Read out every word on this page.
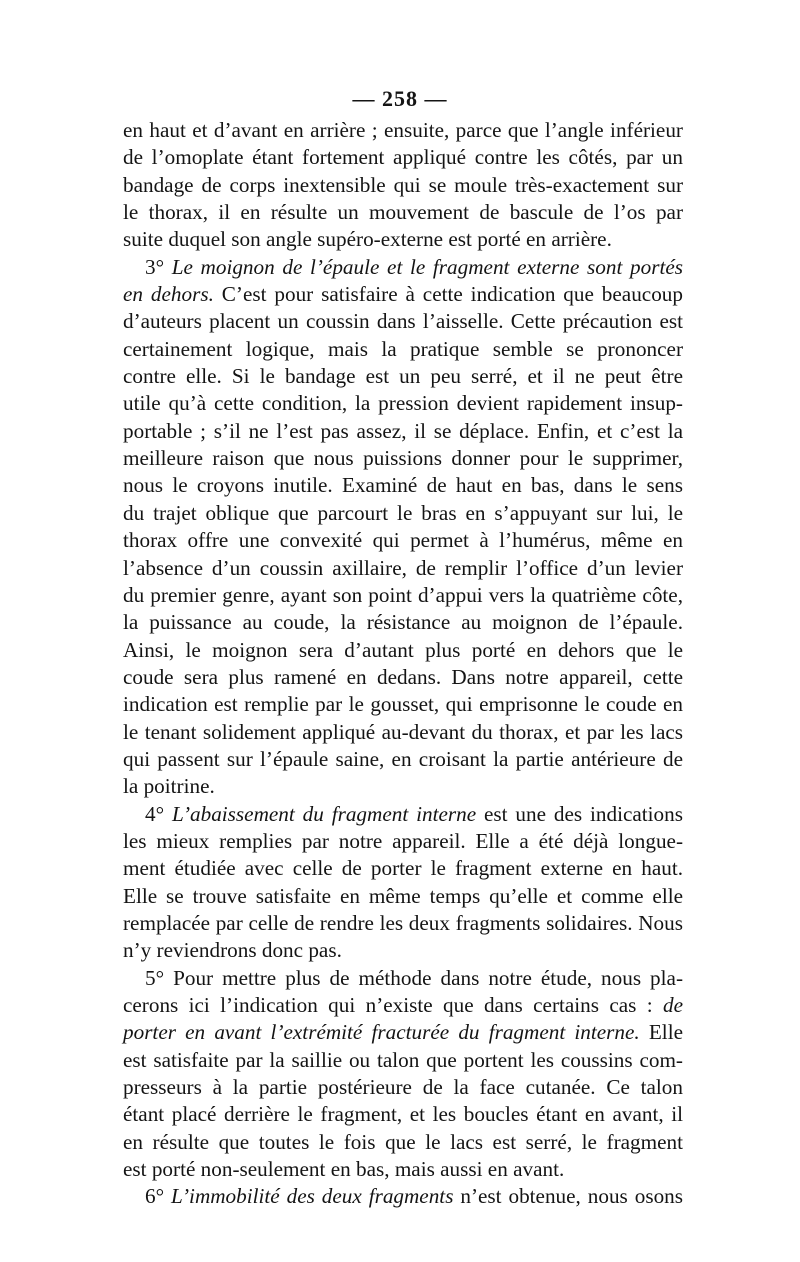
— 258 —
en haut et d’avant en arrière ; ensuite, parce que l’angle inférieur
de l’omoplate étant fortement appliqué contre les côtés, par un
bandage de corps inextensible qui se moule très-exactement sur
le thorax, il en résulte un mouvement de bascule de l’os par
suite duquel son angle supéro-externe est porté en arrière.
3° Le moignon de l’épaule et le fragment externe sont portés
en dehors. C’est pour satisfaire à cette indication que beaucoup
d’auteurs placent un coussin dans l’aisselle. Cette précaution est
certainement logique, mais la pratique semble se prononcer
contre elle. Si le bandage est un peu serré, et il ne peut être
utile qu’à cette condition, la pression devient rapidement insup-
portable ; s’il ne l’est pas assez, il se déplace. Enfin, et c’est la
meilleure raison que nous puissions donner pour le supprimer,
nous le croyons inutile. Examiné de haut en bas, dans le sens
du trajet oblique que parcourt le bras en s’appuyant sur lui, le
thorax offre une convexité qui permet à l’humérus, même en
l’absence d’un coussin axillaire, de remplir l’office d’un levier
du premier genre, ayant son point d’appui vers la quatrième côte,
la puissance au coude, la résistance au moignon de l’épaule.
Ainsi, le moignon sera d’autant plus porté en dehors que le
coude sera plus ramené en dedans. Dans notre appareil, cette
indication est remplie par le gousset, qui emprisonne le coude en
le tenant solidement appliqué au-devant du thorax, et par les lacs
qui passent sur l’épaule saine, en croisant la partie antérieure de
la poitrine.
4° L’abaissement du fragment interne est une des indications
les mieux remplies par notre appareil. Elle a été déjà longue-
ment étudiée avec celle de porter le fragment externe en haut.
Elle se trouve satisfaite en même temps qu’elle et comme elle
remplacée par celle de rendre les deux fragments solidaires. Nous
n’y reviendrons donc pas.
5° Pour mettre plus de méthode dans notre étude, nous pla-
cerons ici l’indication qui n’existe que dans certains cas : de
porter en avant l’extrémité fracturée du fragment interne. Elle
est satisfaite par la saillie ou talon que portent les coussins com-
presseurs à la partie postérieure de la face cutanée. Ce talon
étant placé derrière le fragment, et les boucles étant en avant, il
en résulte que toutes le fois que le lacs est serré, le fragment
est porté non-seulement en bas, mais aussi en avant.
6° L’immobilité des deux fragments n’est obtenue, nous osons
